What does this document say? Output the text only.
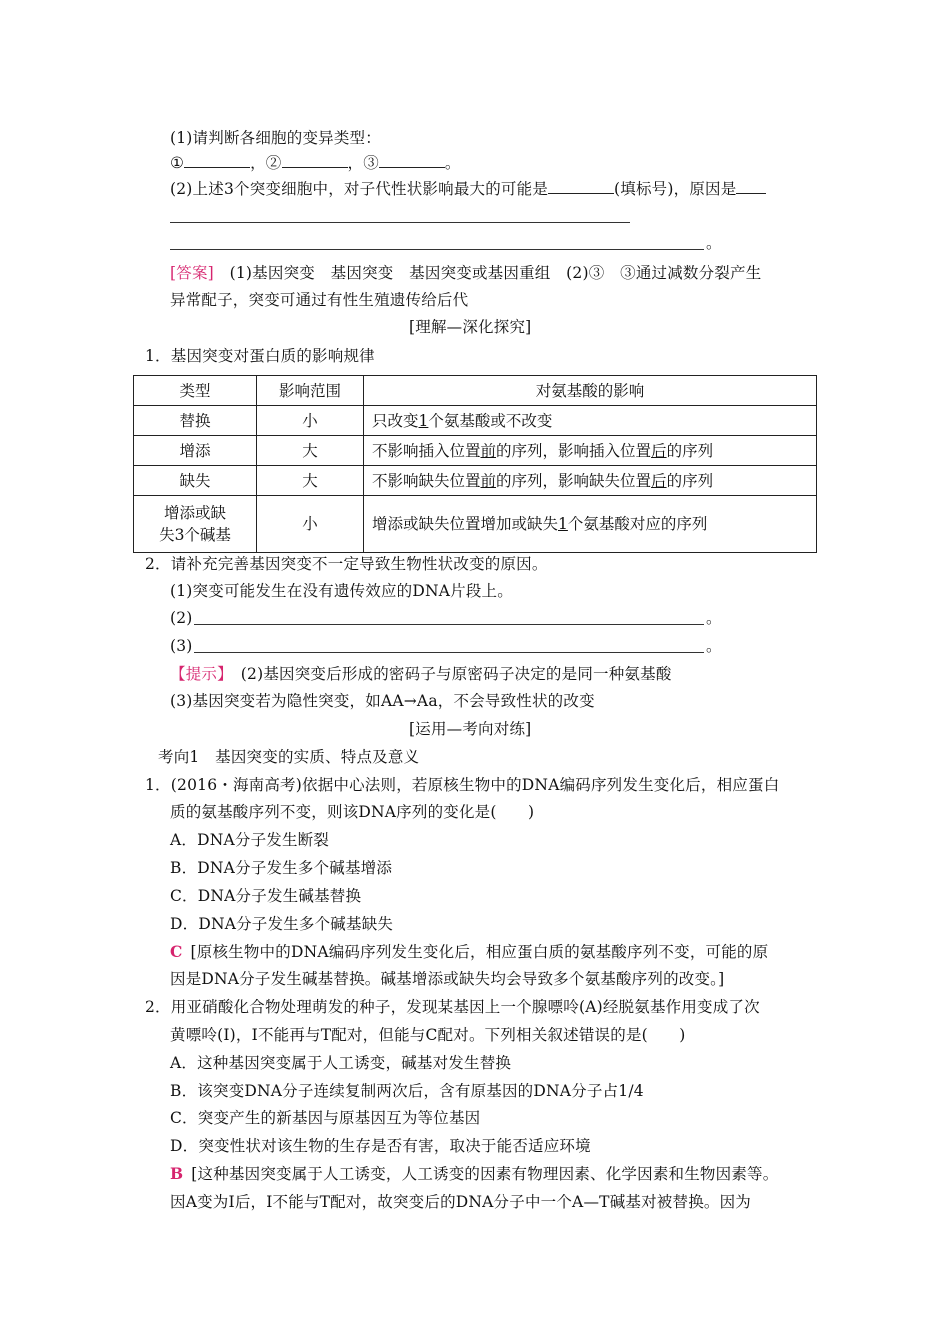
(1)请判断各细胞的变异类型：
①	，②	，③	。
(2)上述3个突变细胞中，对子代性状影响最大的可能是	(填标号)，原因是
。
[答案]  (1)基因突变　基因突变　基因突变或基因重组　(2)③　③通过减数分裂产生
异常配子，突变可通过有性生殖遗传给后代
[理解—深化探究]
1．基因突变对蛋白质的影响规律
类型	影响范围	对氨基酸的影响
替换	小	只改变1个氨基酸或不改变
增添	大	不影响插入位置前的序列，影响插入位置后的序列
缺失	大	不影响缺失位置前的序列，影响缺失位置后的序列

增添或缺
失3个碱基	小	增添或缺失位置增加或缺失1个氨基酸对应的序列
2．请补充完善基因突变不一定导致生物性状改变的原因。
(1)突变可能发生在没有遗传效应的DNA片段上。
(2)	。
(3)	。
【提示】  (2)基因突变后形成的密码子与原密码子决定的是同一种氨基酸
(3)基因突变若为隐性突变，如AA→Aa，不会导致性状的改变
[运用—考向对练]
考向1　基因突变的实质、特点及意义
1．(2016・海南高考)依据中心法则，若原核生物中的DNA编码序列发生变化后，相应蛋白
质的氨基酸序列不变，则该DNA序列的变化是(　　)
A．DNA分子发生断裂
B．DNA分子发生多个碱基增添
C．DNA分子发生碱基替换
D．DNA分子发生多个碱基缺失
C  [原核生物中的DNA编码序列发生变化后，相应蛋白质的氨基酸序列不变，可能的原
因是DNA分子发生碱基替换。碱基增添或缺失均会导致多个氨基酸序列的改变。]
2．用亚硝酸化合物处理萌发的种子，发现某基因上一个腺嘌呤(A)经脱氨基作用变成了次
黄嘌呤(I)，I不能再与T配对，但能与C配对。下列相关叙述错误的是(　　)
A．这种基因突变属于人工诱变，碱基对发生替换
B．该突变DNA分子连续复制两次后，含有原基因的DNA分子占1/4
C．突变产生的新基因与原基因互为等位基因
D．突变性状对该生物的生存是否有害，取决于能否适应环境
B  [这种基因突变属于人工诱变，人工诱变的因素有物理因素、化学因素和生物因素等。
因A变为I后，I不能与T配对，故突变后的DNA分子中一个A—T碱基对被替换。因为
